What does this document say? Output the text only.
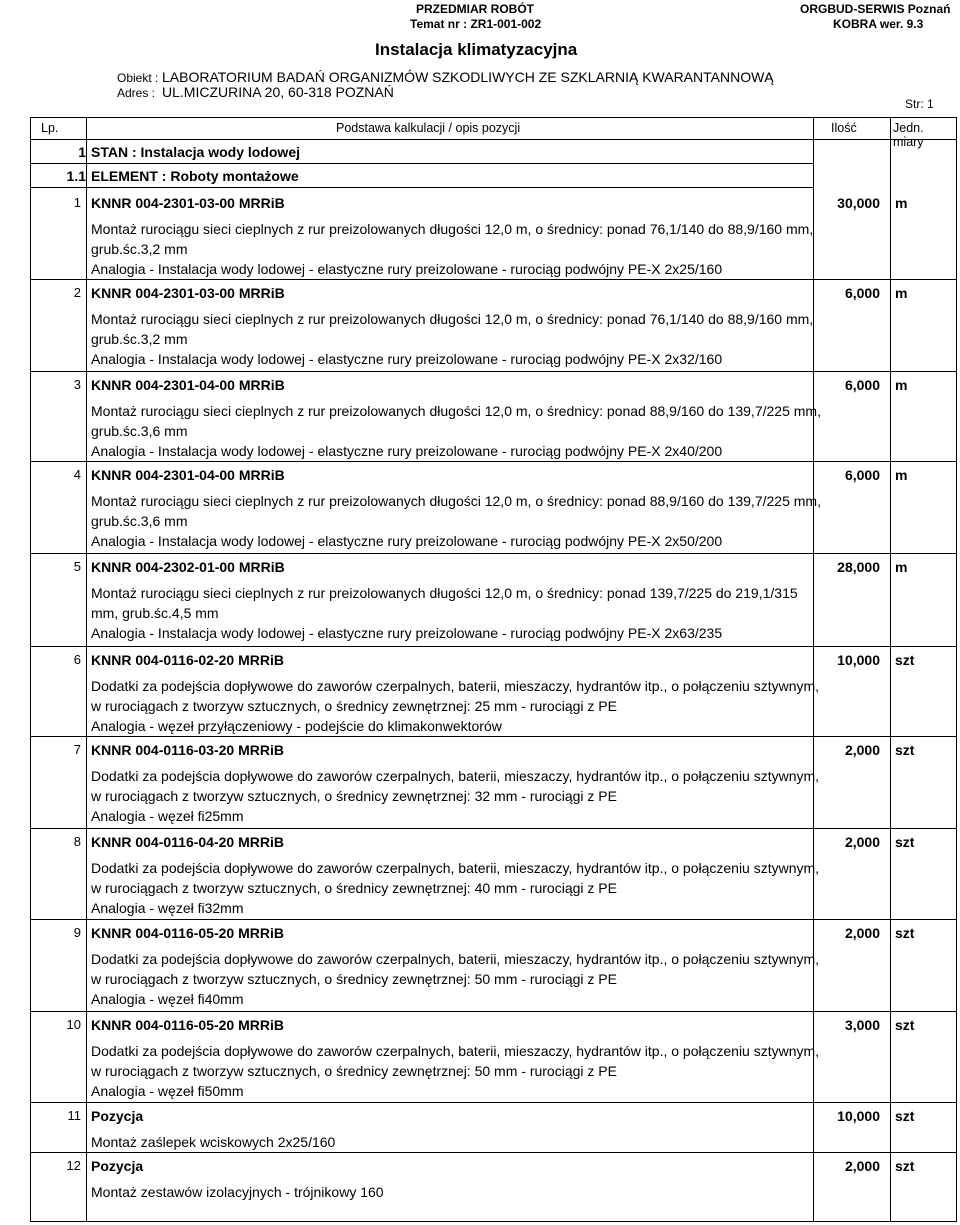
PRZEDMIAR ROBÓT
Temat nr : ZR1-001-002
ORGBUD-SERWIS Poznań
KOBRA wer. 9.3
Instalacja klimatyzacyjna
Obiekt : LABORATORIUM BADAŃ ORGANIZMÓW SZKODLIWYCH ZE SZKLARNIĄ KWARANTANNOWĄ
Adres : UL.MICZURINA 20, 60-318 POZNAŃ
Str: 1
Lp.	Podstawa kalkulacji / opis pozycji	Ilość	Jedn. miary
1 STAN : Instalacja wody lodowej
1.1 ELEMENT : Roboty montażowe
1 KNNR 004-2301-03-00 MRRiB
Montaż rurociągu sieci cieplnych z rur preizolowanych długości 12,0 m, o średnicy: ponad 76,1/140 do 88,9/160 mm,
grub.śc.3,2 mm
Analogia - Instalacja wody lodowej - elastyczne rury preizolowane - rurociąg podwójny PE-X 2x25/160
30,000 m
2 KNNR 004-2301-03-00 MRRiB
Montaż rurociągu sieci cieplnych z rur preizolowanych długości 12,0 m, o średnicy: ponad 76,1/140 do 88,9/160 mm,
grub.śc.3,2 mm
Analogia - Instalacja wody lodowej - elastyczne rury preizolowane - rurociąg podwójny PE-X 2x32/160
6,000 m
3 KNNR 004-2301-04-00 MRRiB
Montaż rurociągu sieci cieplnych z rur preizolowanych długości 12,0 m, o średnicy: ponad 88,9/160 do 139,7/225 mm,
grub.śc.3,6 mm
Analogia - Instalacja wody lodowej - elastyczne rury preizolowane - rurociąg podwójny PE-X 2x40/200
6,000 m
4 KNNR 004-2301-04-00 MRRiB
Montaż rurociągu sieci cieplnych z rur preizolowanych długości 12,0 m, o średnicy: ponad 88,9/160 do 139,7/225 mm,
grub.śc.3,6 mm
Analogia - Instalacja wody lodowej - elastyczne rury preizolowane - rurociąg podwójny PE-X 2x50/200
6,000 m
5 KNNR 004-2302-01-00 MRRiB
Montaż rurociągu sieci cieplnych z rur preizolowanych długości 12,0 m, o średnicy: ponad 139,7/225 do 219,1/315
mm, grub.śc.4,5 mm
Analogia - Instalacja wody lodowej - elastyczne rury preizolowane - rurociąg podwójny PE-X 2x63/235
28,000 m
6 KNNR 004-0116-02-20 MRRiB
Dodatki za podejścia dopływowe do zaworów czerpalnych, baterii, mieszaczy, hydrantów itp., o połączeniu sztywnym,
w rurociągach z tworzyw sztucznych, o średnicy zewnętrznej: 25 mm - rurociągi z PE
Analogia - węzeł przyłączeniowy - podejście do klimakonwektorów
10,000 szt
7 KNNR 004-0116-03-20 MRRiB
Dodatki za podejścia dopływowe do zaworów czerpalnych, baterii, mieszaczy, hydrantów itp., o połączeniu sztywnym,
w rurociągach z tworzyw sztucznych, o średnicy zewnętrznej: 32 mm - rurociągi z PE
Analogia - węzeł fi25mm
2,000 szt
8 KNNR 004-0116-04-20 MRRiB
Dodatki za podejścia dopływowe do zaworów czerpalnych, baterii, mieszaczy, hydrantów itp., o połączeniu sztywnym,
w rurociągach z tworzyw sztucznych, o średnicy zewnętrznej: 40 mm - rurociągi z PE
Analogia - węzeł fi32mm
2,000 szt
9 KNNR 004-0116-05-20 MRRiB
Dodatki za podejścia dopływowe do zaworów czerpalnych, baterii, mieszaczy, hydrantów itp., o połączeniu sztywnym,
w rurociągach z tworzyw sztucznych, o średnicy zewnętrznej: 50 mm - rurociągi z PE
Analogia - węzeł fi40mm
2,000 szt
10 KNNR 004-0116-05-20 MRRiB
Dodatki za podejścia dopływowe do zaworów czerpalnych, baterii, mieszaczy, hydrantów itp., o połączeniu sztywnym,
w rurociągach z tworzyw sztucznych, o średnicy zewnętrznej: 50 mm - rurociągi z PE
Analogia - węzeł fi50mm
3,000 szt
11 Pozycja
Montaż zaślepek wciskowych 2x25/160
10,000 szt
12 Pozycja
Montaż zestawów izolacyjnych - trójnikowy 160
2,000 szt
